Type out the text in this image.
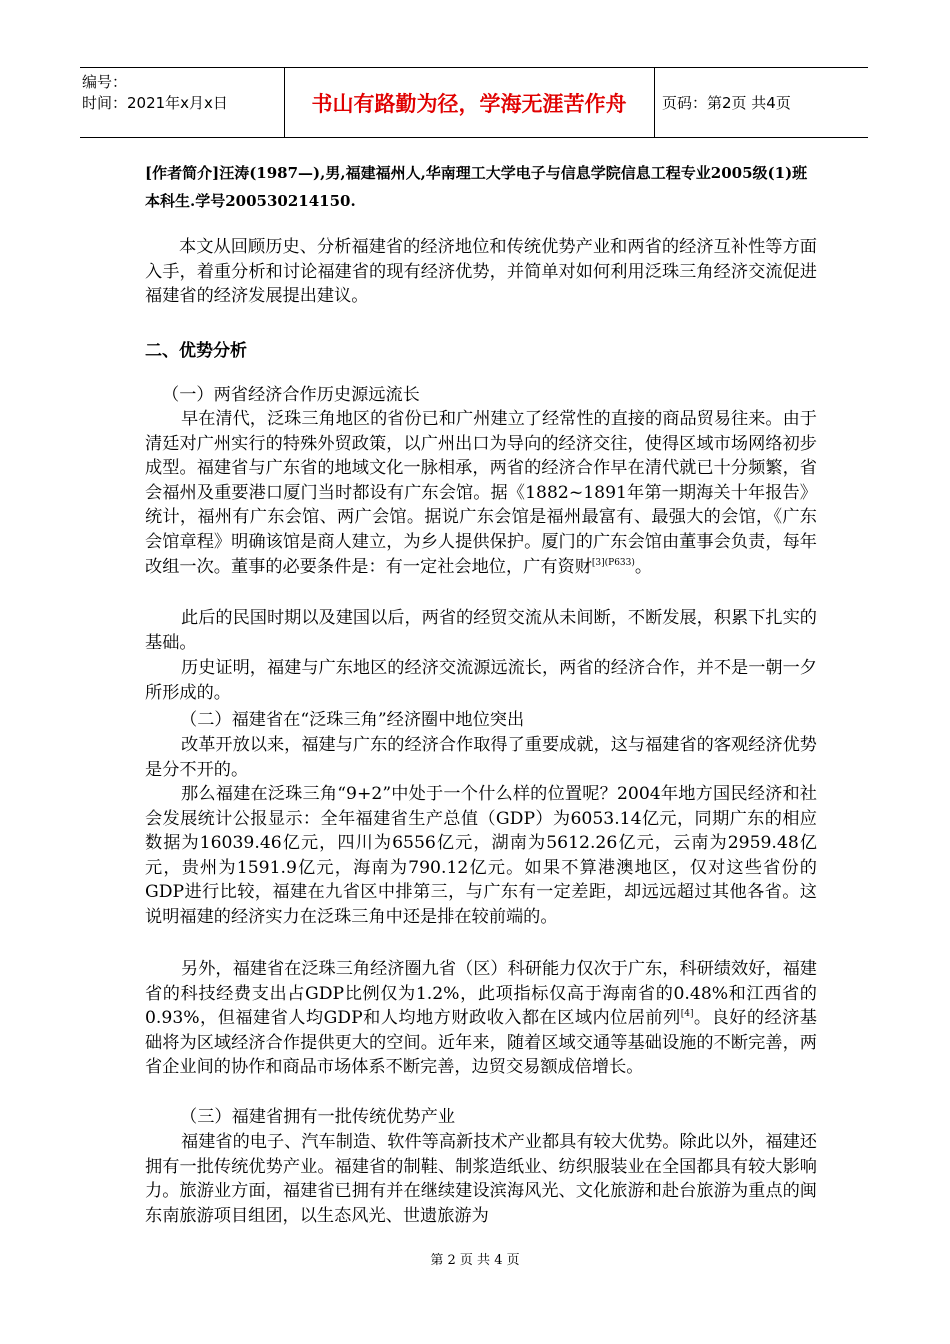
编号：
时间：2021年x月x日	书山有路勤为径，学海无涯苦作舟	页码：第2页 共4页
[作者简介]汪涛(1987—),男,福建福州人,华南理工大学电子与信息学院信息工程专业2005级(1)班本科生.学号200530214150.
本文从回顾历史、分析福建省的经济地位和传统优势产业和两省的经济互补性等方面入手，着重分析和讨论福建省的现有经济优势，并简单对如何利用泛珠三角经济交流促进福建省的经济发展提出建议。
二、优势分析
（一）两省经济合作历史源远流长
早在清代，泛珠三角地区的省份已和广州建立了经常性的直接的商品贸易往来。由于清廷对广州实行的特殊外贸政策，以广州出口为导向的经济交往，使得区域市场网络初步成型。福建省与广东省的地域文化一脉相承，两省的经济合作早在清代就已十分频繁，省会福州及重要港口厦门当时都设有广东会馆。据《1882~1891年第一期海关十年报告》统计，福州有广东会馆、两广会馆。据说广东会馆是福州最富有、最强大的会馆，《广东会馆章程》明确该馆是商人建立，为乡人提供保护。厦门的广东会馆由董事会负责，每年改组一次。董事的必要条件是：有一定社会地位，广有资财$^{[3](P633)}$。
此后的民国时期以及建国以后，两省的经贸交流从未间断，不断发展，积累下扎实的基础。
历史证明，福建与广东地区的经济交流源远流长，两省的经济合作，并不是一朝一夕所形成的。
（二）福建省在“泛珠三角”经济圈中地位突出
改革开放以来，福建与广东的经济合作取得了重要成就，这与福建省的客观经济优势是分不开的。
那么福建在泛珠三角“9+2”中处于一个什么样的位置呢？2004年地方国民经济和社会发展统计公报显示：全年福建省生产总值（GDP）为6053.14亿元，同期广东的相应数据为16039.46亿元，四川为6556亿元，湖南为5612.26亿元，云南为2959.48亿元，贵州为1591.9亿元，海南为790.12亿元。如果不算港澳地区，仅对这些省份的GDP进行比较，福建在九省区中排第三，与广东有一定差距，却远远超过其他各省。这说明福建的经济实力在泛珠三角中还是排在较前端的。
另外，福建省在泛珠三角经济圈九省（区）科研能力仅次于广东，科研绩效好，福建省的科技经费支出占GDP比例仅为1.2%，此项指标仅高于海南省的0.48%和江西省的0.93%，但福建省人均GDP和人均地方财政收入都在区域内位居前列[4]。良好的经济基础将为区域经济合作提供更大的空间。近年来，随着区域交通等基础设施的不断完善，两省企业间的协作和商品市场体系不断完善，边贸交易额成倍增长。
（三）福建省拥有一批传统优势产业
福建省的电子、汽车制造、软件等高新技术产业都具有较大优势。除此以外，福建还拥有一批传统优势产业。福建省的制鞋、制浆造纸业、纺织服装业在全国都具有较大影响力。旅游业方面，福建省已拥有并在继续建设滨海风光、文化旅游和赴台旅游为重点的闽东南旅游项目组团，以生态风光、世遗旅游为
第 2 页 共 4 页
